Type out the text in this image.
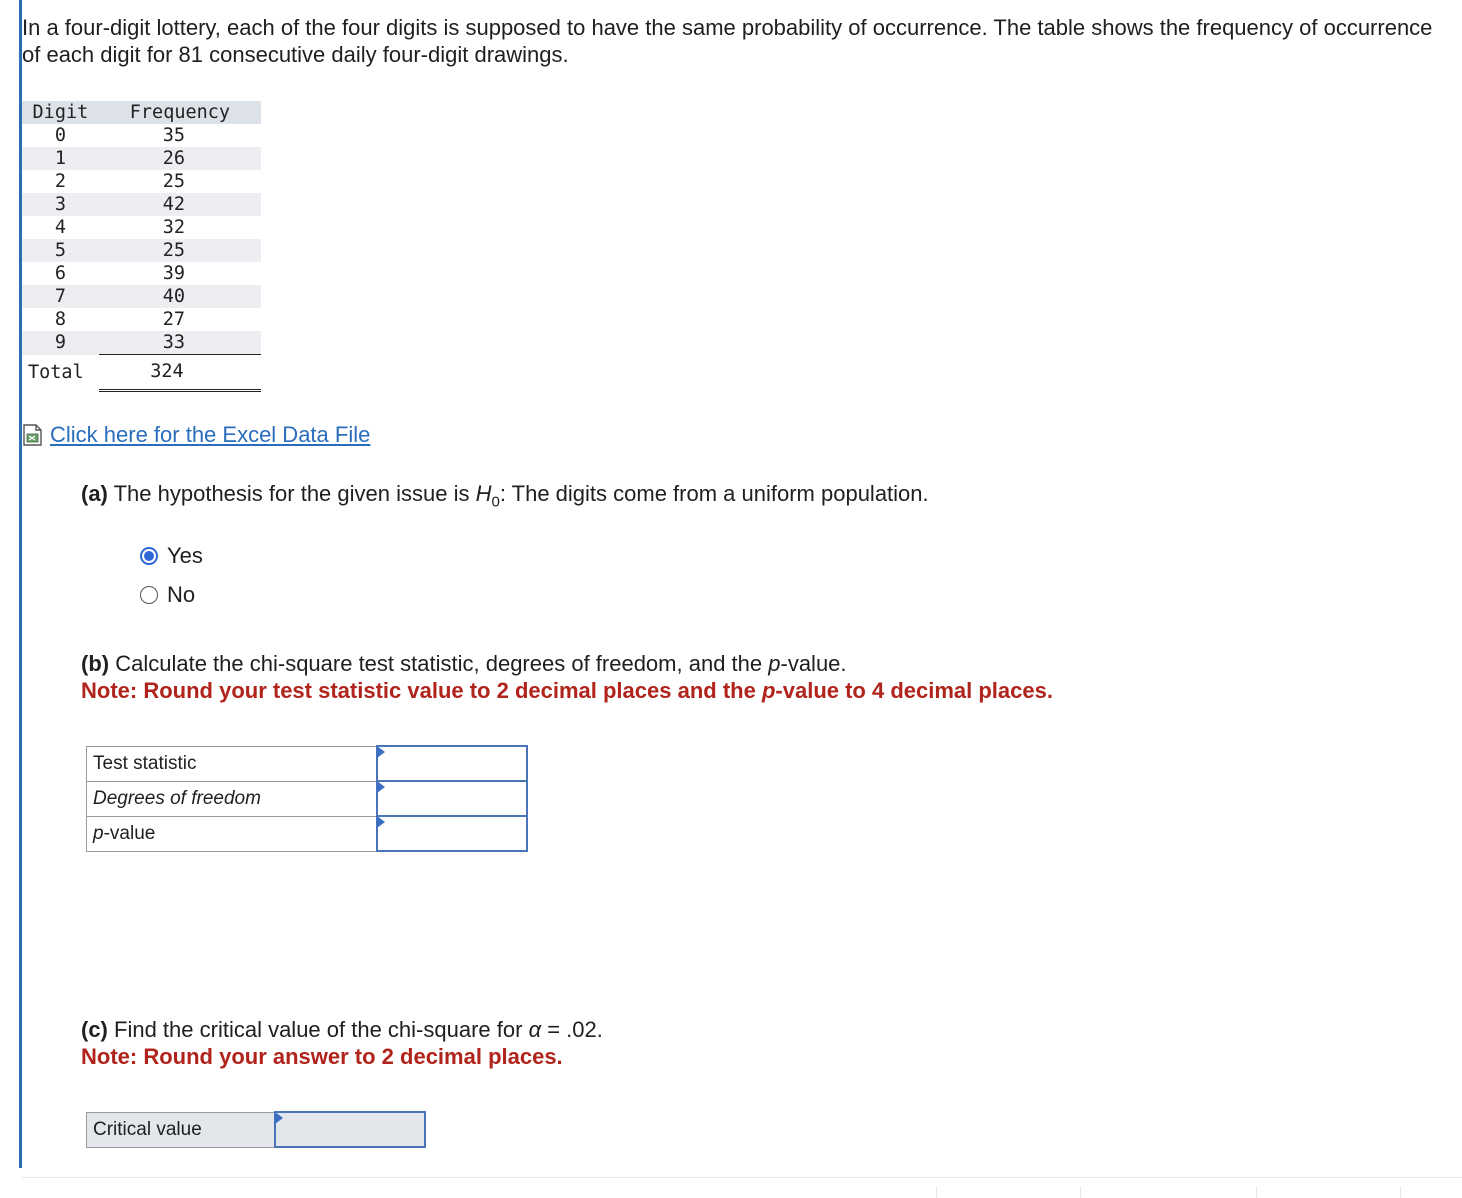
In a four-digit lottery, each of the four digits is supposed to have the same probability of occurrence. The table shows the frequency of occurrence of each digit for 81 consecutive daily four-digit drawings.
Digit	Frequency
0	35
1	26
2	25
3	42
4	32
5	25
6	39
7	40
8	27
9	33
Total	324
Click here for the Excel Data File
(a) The hypothesis for the given issue is $H_0$: The digits come from a uniform population.
Yes
No
(b) Calculate the chi-square test statistic, degrees of freedom, and the p-value.
Note: Round your test statistic value to 2 decimal places and the p-value to 4 decimal places.
Test statistic	
Degrees of freedom	
p-value	
(c) Find the critical value of the chi-square for α = .02.
Note: Round your answer to 2 decimal places.
Critical value	
